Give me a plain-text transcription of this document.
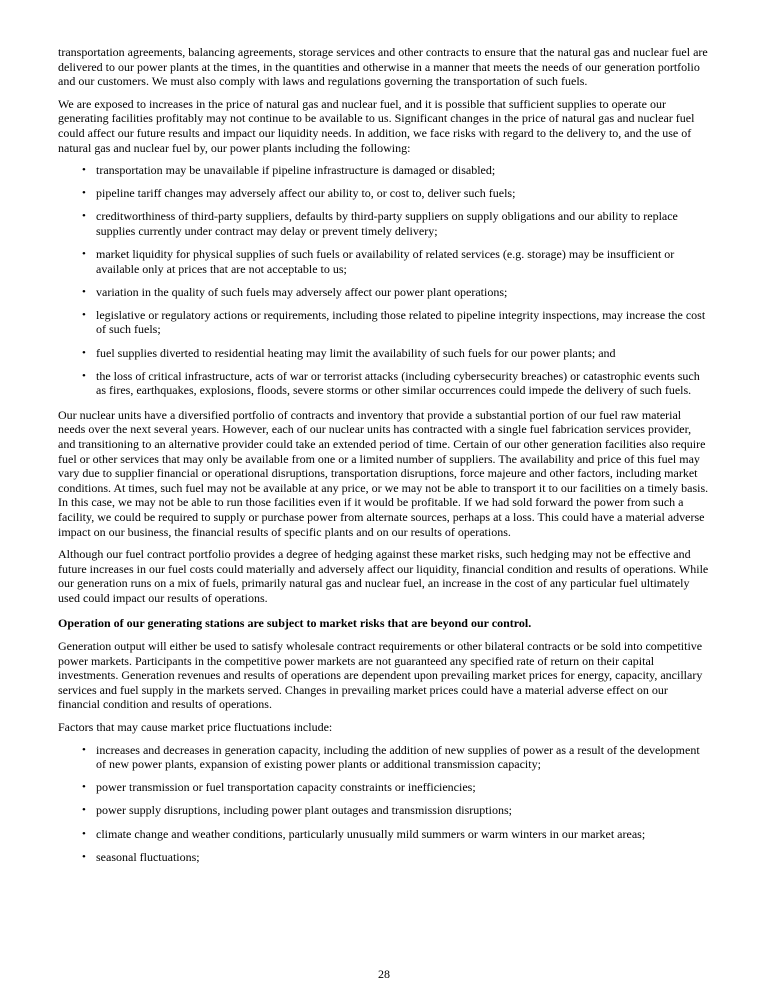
transportation agreements, balancing agreements, storage services and other contracts to ensure that the natural gas and nuclear fuel are delivered to our power plants at the times, in the quantities and otherwise in a manner that meets the needs of our generation portfolio and our customers. We must also comply with laws and regulations governing the transportation of such fuels.

We are exposed to increases in the price of natural gas and nuclear fuel, and it is possible that sufficient supplies to operate our generating facilities profitably may not continue to be available to us. Significant changes in the price of natural gas and nuclear fuel could affect our future results and impact our liquidity needs. In addition, we face risks with regard to the delivery to, and the use of natural gas and nuclear fuel by, our power plants including the following:

• transportation may be unavailable if pipeline infrastructure is damaged or disabled;
• pipeline tariff changes may adversely affect our ability to, or cost to, deliver such fuels;
• creditworthiness of third-party suppliers, defaults by third-party suppliers on supply obligations and our ability to replace supplies currently under contract may delay or prevent timely delivery;
• market liquidity for physical supplies of such fuels or availability of related services (e.g. storage) may be insufficient or available only at prices that are not acceptable to us;
• variation in the quality of such fuels may adversely affect our power plant operations;
• legislative or regulatory actions or requirements, including those related to pipeline integrity inspections, may increase the cost of such fuels;
• fuel supplies diverted to residential heating may limit the availability of such fuels for our power plants; and
• the loss of critical infrastructure, acts of war or terrorist attacks (including cybersecurity breaches) or catastrophic events such as fires, earthquakes, explosions, floods, severe storms or other similar occurrences could impede the delivery of such fuels.

Our nuclear units have a diversified portfolio of contracts and inventory that provide a substantial portion of our fuel raw material needs over the next several years. However, each of our nuclear units has contracted with a single fuel fabrication services provider, and transitioning to an alternative provider could take an extended period of time. Certain of our other generation facilities also require fuel or other services that may only be available from one or a limited number of suppliers. The availability and price of this fuel may vary due to supplier financial or operational disruptions, transportation disruptions, force majeure and other factors, including market conditions. At times, such fuel may not be available at any price, or we may not be able to transport it to our facilities on a timely basis. In this case, we may not be able to run those facilities even if it would be profitable. If we had sold forward the power from such a facility, we could be required to supply or purchase power from alternate sources, perhaps at a loss. This could have a material adverse impact on our business, the financial results of specific plants and on our results of operations.

Although our fuel contract portfolio provides a degree of hedging against these market risks, such hedging may not be effective and future increases in our fuel costs could materially and adversely affect our liquidity, financial condition and results of operations. While our generation runs on a mix of fuels, primarily natural gas and nuclear fuel, an increase in the cost of any particular fuel ultimately used could impact our results of operations.

Operation of our generating stations are subject to market risks that are beyond our control.

Generation output will either be used to satisfy wholesale contract requirements or other bilateral contracts or be sold into competitive power markets. Participants in the competitive power markets are not guaranteed any specified rate of return on their capital investments. Generation revenues and results of operations are dependent upon prevailing market prices for energy, capacity, ancillary services and fuel supply in the markets served. Changes in prevailing market prices could have a material adverse effect on our financial condition and results of operations.

Factors that may cause market price fluctuations include:

• increases and decreases in generation capacity, including the addition of new supplies of power as a result of the development of new power plants, expansion of existing power plants or additional transmission capacity;
• power transmission or fuel transportation capacity constraints or inefficiencies;
• power supply disruptions, including power plant outages and transmission disruptions;
• climate change and weather conditions, particularly unusually mild summers or warm winters in our market areas;
• seasonal fluctuations;
28
